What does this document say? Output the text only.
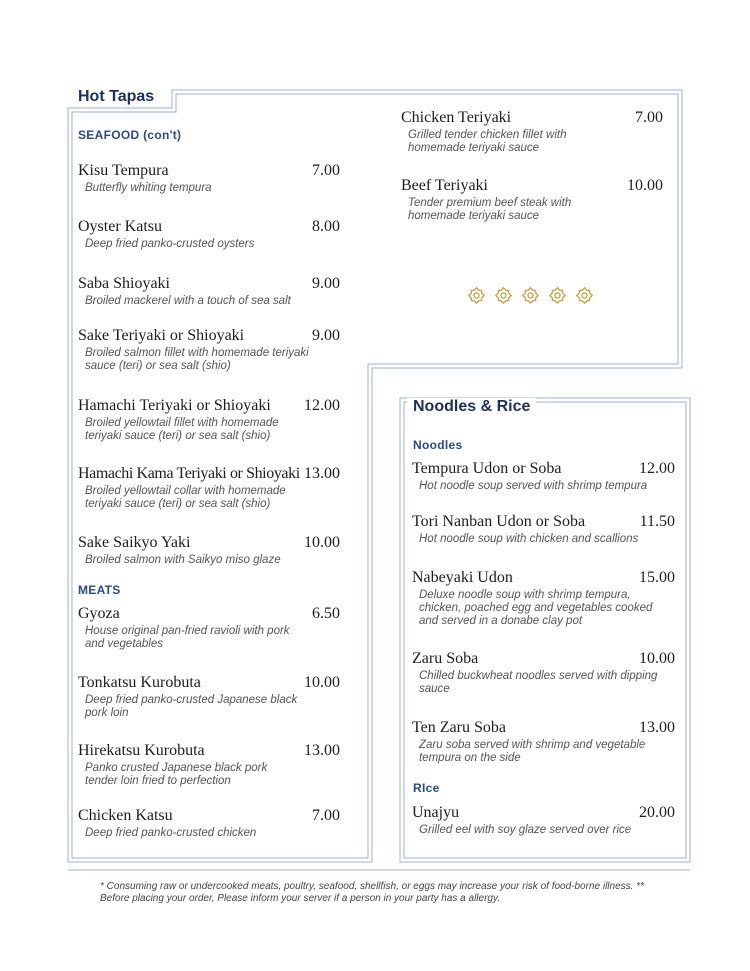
Hot Tapas
Noodles & Rice
SEAFOOD (con't)
Kisu Tempura	7.00
Butterfly whiting tempura
Oyster Katsu	8.00
Deep fried panko-crusted oysters
Saba Shioyaki	9.00
Broiled mackerel with a touch of sea salt
Sake Teriyaki or Shioyaki	9.00
Broiled salmon fillet with homemade teriyaki sauce (teri) or sea salt (shio)
Hamachi Teriyaki or Shioyaki 12.00
Broiled yellowtail fillet with homemade teriyaki sauce (teri) or sea salt (shio)
Hamachi Kama Teriyaki or Shioyaki 13.00
Broiled yellowtail collar with homemade teriyaki sauce (teri) or sea salt (shio)
Sake Saikyo Yaki	10.00
Broiled salmon with Saikyo miso glaze
MEATS
Gyoza	6.50
House original pan-fried ravioli with pork and vegetables
Tonkatsu Kurobuta	10.00
Deep fried panko-crusted Japanese black pork loin
Hirekatsu Kurobuta	13.00
Panko crusted Japanese black pork tender loin fried to perfection
Chicken Katsu	7.00
Deep fried panko-crusted chicken
Chicken Teriyaki	7.00
Grilled tender chicken fillet with homemade teriyaki sauce
Beef Teriyaki	10.00
Tender premium beef steak with homemade teriyaki sauce
Noodles
Tempura Udon or Soba	12.00
Hot noodle soup served with shrimp tempura
Tori Nanban Udon or Soba	11.50
Hot noodle soup with chicken and scallions
Nabeyaki Udon	15.00
Deluxe noodle soup with shrimp tempura, chicken, poached egg and vegetables cooked and served in a donabe clay pot
Zaru Soba	10.00
Chilled buckwheat noodles served with dipping sauce
Ten Zaru Soba	13.00
Zaru soba served with shrimp and vegetable tempura on the side
RIce
Unajyu	20.00
Grilled eel with soy glaze served over rice
* Consuming raw or undercooked meats, poultry, seafood, shellfish, or eggs may increase your risk of food-borne illness. ** Before placing your order, Please inform your server if a person in your party has a allergy.
